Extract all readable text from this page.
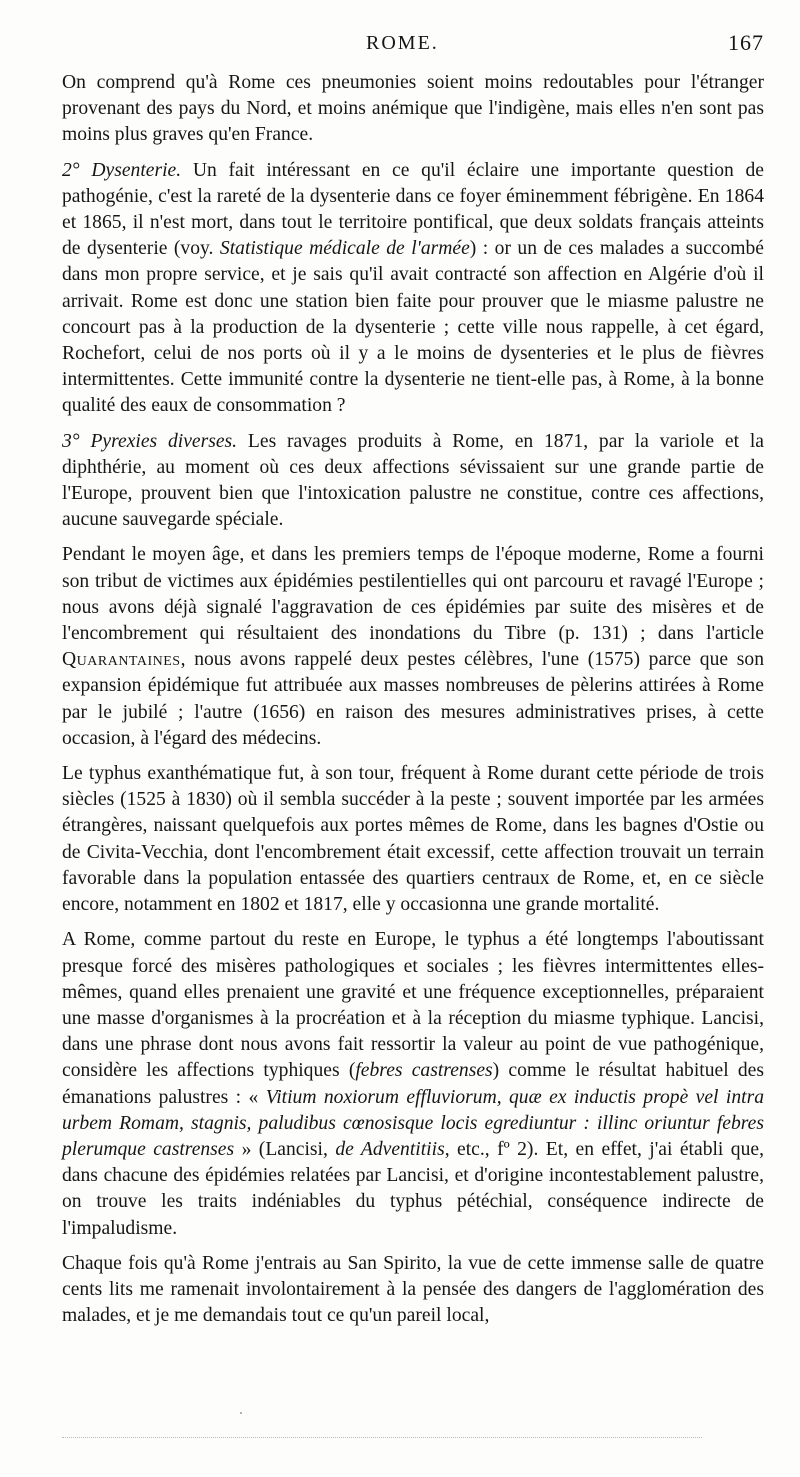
ROME.	167

On comprend qu'à Rome ces pneumonies soient moins redoutables pour l'étranger provenant des pays du Nord, et moins anémique que l'indigène, mais elles n'en sont pas moins plus graves qu'en France.

2° Dysenterie. Un fait intéressant en ce qu'il éclaire une importante question de pathogénie, c'est la rareté de la dysenterie dans ce foyer éminemment fébrigène. En 1864 et 1865, il n'est mort, dans tout le territoire pontifical, que deux soldats français atteints de dysenterie (voy. Statistique médicale de l'armée) : or un de ces malades a succombé dans mon propre service, et je sais qu'il avait contracté son affection en Algérie d'où il arrivait. Rome est donc une station bien faite pour prouver que le miasme palustre ne concourt pas à la production de la dysenterie ; cette ville nous rappelle, à cet égard, Rochefort, celui de nos ports où il y a le moins de dysenteries et le plus de fièvres intermittentes. Cette immunité contre la dysenterie ne tient-elle pas, à Rome, à la bonne qualité des eaux de consommation ?

3° Pyrexies diverses. Les ravages produits à Rome, en 1871, par la variole et la diphthérie, au moment où ces deux affections sévissaient sur une grande partie de l'Europe, prouvent bien que l'intoxication palustre ne constitue, contre ces affections, aucune sauvegarde spéciale.

Pendant le moyen âge, et dans les premiers temps de l'époque moderne, Rome a fourni son tribut de victimes aux épidémies pestilentielles qui ont parcouru et ravagé l'Europe ; nous avons déjà signalé l'aggravation de ces épidémies par suite des misères et de l'encombrement qui résultaient des inondations du Tibre (p. 131) ; dans l'article Quarantaines, nous avons rappelé deux pestes célèbres, l'une (1575) parce que son expansion épidémique fut attribuée aux masses nombreuses de pèlerins attirées à Rome par le jubilé ; l'autre (1656) en raison des mesures administratives prises, à cette occasion, à l'égard des médecins.

Le typhus exanthématique fut, à son tour, fréquent à Rome durant cette période de trois siècles (1525 à 1830) où il sembla succéder à la peste ; souvent importée par les armées étrangères, naissant quelquefois aux portes mêmes de Rome, dans les bagnes d'Ostie ou de Civita-Vecchia, dont l'encombrement était excessif, cette affection trouvait un terrain favorable dans la population entassée des quartiers centraux de Rome, et, en ce siècle encore, notamment en 1802 et 1817, elle y occasionna une grande mortalité.

A Rome, comme partout du reste en Europe, le typhus a été longtemps l'aboutissant presque forcé des misères pathologiques et sociales ; les fièvres intermittentes elles-mêmes, quand elles prenaient une gravité et une fréquence exceptionnelles, préparaient une masse d'organismes à la procréation et à la réception du miasme typhique. Lancisi, dans une phrase dont nous avons fait ressortir la valeur au point de vue pathogénique, considère les affections typhiques (febres castrenses) comme le résultat habituel des émanations palustres : « Vitium noxiorum effluviorum, quæ ex inductis propè vel intra urbem Romam, stagnis, paludibus cœnosisque locis egrediuntur : illinc oriuntur febres plerumque castrenses » (Lancisi, de Adventitiis, etc., fº 2). Et, en effet, j'ai établi que, dans chacune des épidémies relatées par Lancisi, et d'origine incontestablement palustre, on trouve les traits indéniables du typhus pétéchial, conséquence indirecte de l'impaludisme.

Chaque fois qu'à Rome j'entrais au San Spirito, la vue de cette immense salle de quatre cents lits me ramenait involontairement à la pensée des dangers de l'agglomération des malades, et je me demandais tout ce qu'un pareil local,
